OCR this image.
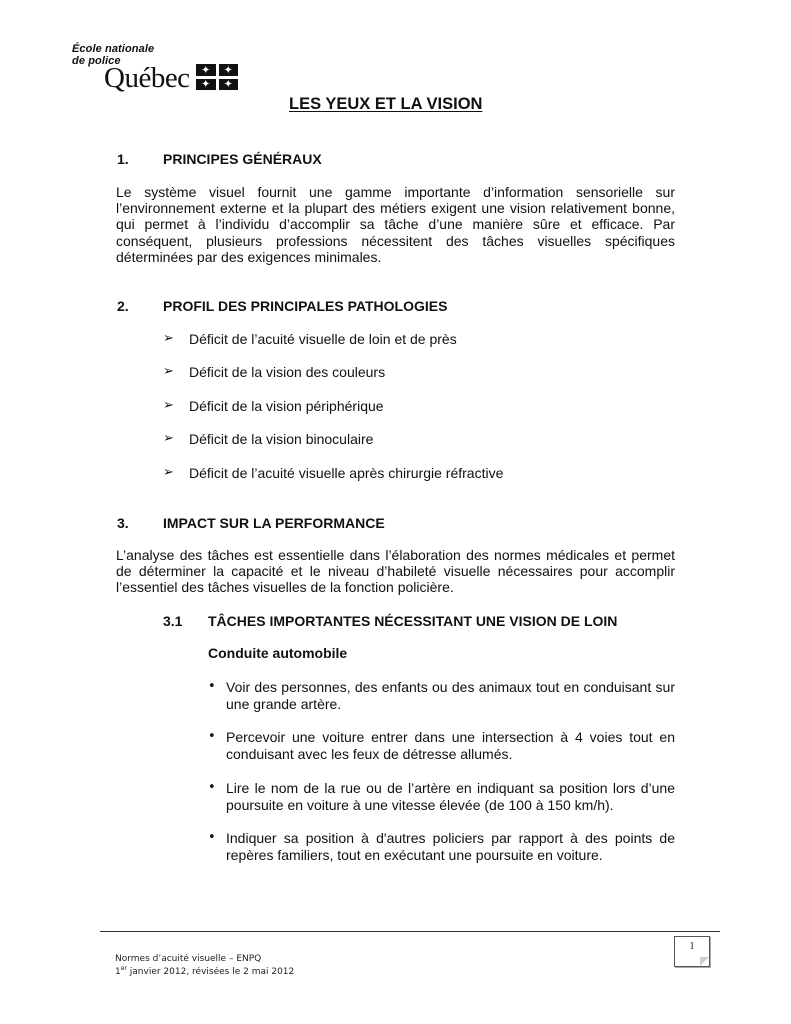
École nationale
de police
Québec
✦
✦
✦
✦
LES YEUX ET LA VISION
1. PRINCIPES GÉNÉRAUX
Le système visuel fournit une gamme importante d’information sensorielle sur l’environnement externe et la plupart des métiers exigent une vision relativement bonne, qui permet à l’individu d’accomplir sa tâche d’une manière sûre et efficace. Par conséquent, plusieurs professions nécessitent des tâches visuelles spécifiques déterminées par des exigences minimales.
2. PROFIL DES PRINCIPALES PATHOLOGIES
➢ Déficit de l’acuité visuelle de loin et de près
➢ Déficit de la vision des couleurs
➢ Déficit de la vision périphérique
➢ Déficit de la vision binoculaire
➢ Déficit de l’acuité visuelle après chirurgie réfractive
3. IMPACT SUR LA PERFORMANCE
L’analyse des tâches est essentielle dans l’élaboration des normes médicales et permet de déterminer la capacité et le niveau d’habileté visuelle nécessaires pour accomplir l’essentiel des tâches visuelles de la fonction policière.
3.1 TÂCHES IMPORTANTES NÉCESSITANT UNE VISION DE LOIN
Conduite automobile
• Voir des personnes, des enfants ou des animaux tout en conduisant sur une grande artère.
• Percevoir une voiture entrer dans une intersection à 4 voies tout en conduisant avec les feux de détresse allumés.
• Lire le nom de la rue ou de l’artère en indiquant sa position lors d’une poursuite en voiture à une vitesse élevée (de 100 à 150 km/h).
• Indiquer sa position à d'autres policiers par rapport à des points de repères familiers, tout en exécutant une poursuite en voiture.
1
Normes d’acuité visuelle – ENPQ
1er janvier 2012, révisées le 2 mai 2012
